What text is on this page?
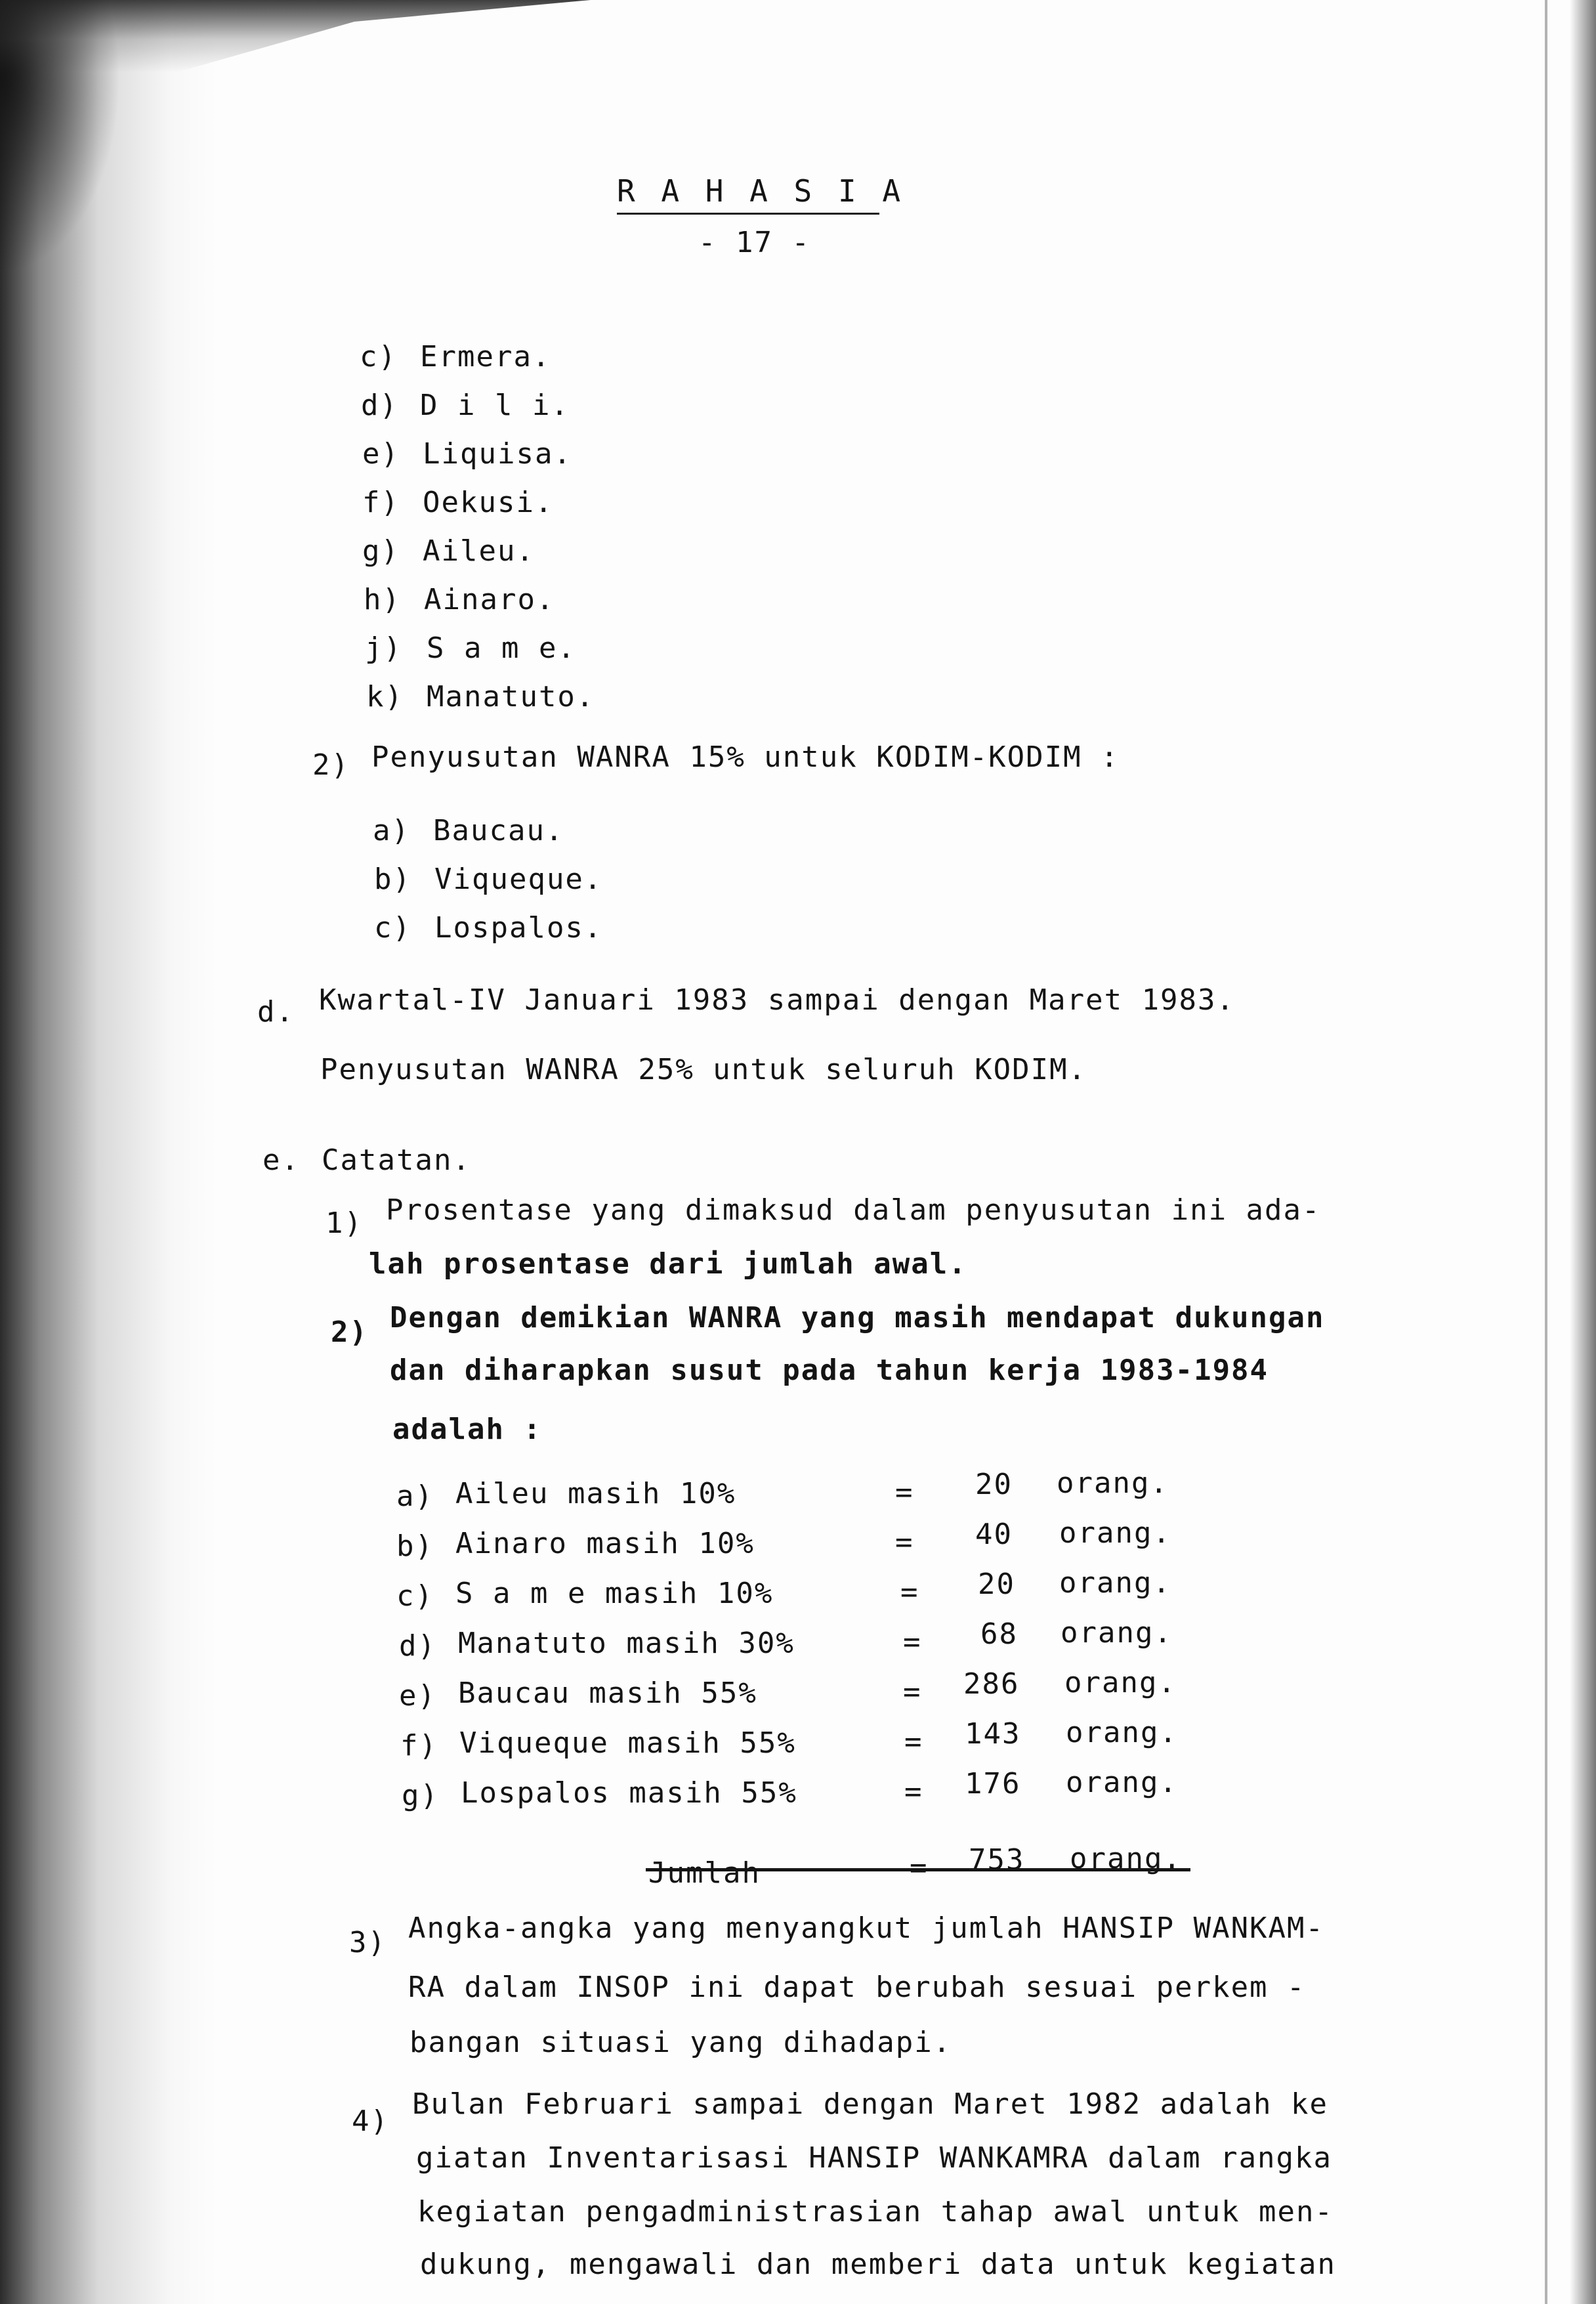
R A H A S I A
- 17 -
c) Ermera.
d) D i l i.
e) Liquisa.
f) Oekusi.
g) Aileu.
h) Ainaro.
j) S a m e.
k) Manatuto.
2) Penyusutan WANRA 15% untuk KODIM-KODIM :
a) Baucau.
b) Viqueque.
c) Lospalos.
d. Kwartal-IV Januari 1983 sampai dengan Maret 1983.
Penyusutan WANRA 25% untuk seluruh KODIM.
e. Catatan.
1) Prosentase yang dimaksud dalam penyusutan ini ada-
lah prosentase dari jumlah awal.
2) Dengan demikian WANRA yang masih mendapat dukungan
dan diharapkan susut pada tahun kerja 1983-1984
adalah :
a) Aileu masih 10%	= 20 orang.
b) Ainaro masih 10%	= 40 orang.
c) S a m e masih 10%	= 20 orang.
d) Manatuto masih 30%	= 68 orang.
e) Baucau masih 55%	= 286 orang.
f) Viqueque masih 55%	= 143 orang.
g) Lospalos masih 55%	= 176 orang.
Jumlah	= 753 orang.
3) Angka-angka yang menyangkut jumlah HANSIP WANKAM-
RA dalam INSOP ini dapat berubah sesuai perkem -
bangan situasi yang dihadapi.
4)
Bulan Februari sampai dengan Maret 1982 adalah ke
giatan Inventarisasi HANSIP WANKAMRA dalam rangka
kegiatan pengadministrasian tahap awal untuk men-
dukung, mengawali dan memberi data untuk kegiatan
